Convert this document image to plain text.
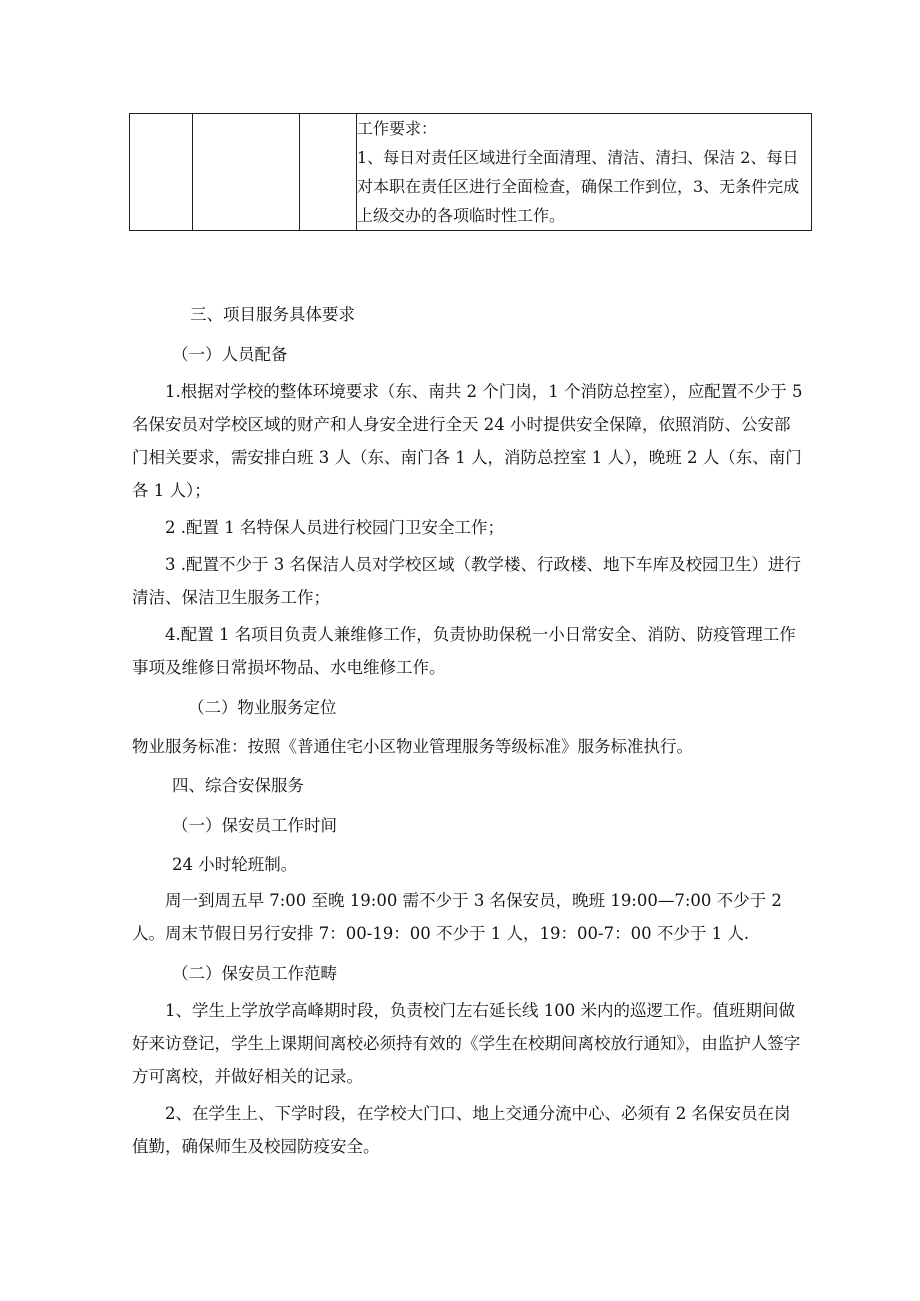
工作要求：

1、每日对责任区域进行全面清理、清洁、清扫、保洁 2、每日对本职在责任区进行全面检查，确保工作到位，3、无条件完成上级交办的各项临时性工作。

三、项目服务具体要求

（一）人员配备

1.根据对学校的整体环境要求（东、南共 2 个门岗，1 个消防总控室），应配置不少于 5 名保安员对学校区域的财产和人身安全进行全天 24 小时提供安全保障，依照消防、公安部门相关要求，需安排白班 3 人（东、南门各 1 人，消防总控室 1 人），晚班 2 人（东、南门各 1 人）；

2 .配置 1 名特保人员进行校园门卫安全工作；

3 .配置不少于 3 名保洁人员对学校区域（教学楼、行政楼、地下车库及校园卫生）进行清洁、保洁卫生服务工作；

4.配置 1 名项目负责人兼维修工作，负责协助保税一小日常安全、消防、防疫管理工作事项及维修日常损坏物品、水电维修工作。

（二）物业服务定位

物业服务标准：按照《普通住宅小区物业管理服务等级标准》服务标准执行。

四、综合安保服务

（一）保安员工作时间

24 小时轮班制。

周一到周五早 7:00 至晚 19:00 需不少于 3 名保安员，晚班 19:00—7:00 不少于 2 人。周末节假日另行安排 7：00-19：00 不少于 1 人，19：00-7：00 不少于 1 人.

（二）保安员工作范畴

1、学生上学放学高峰期时段，负责校门左右延长线 100 米内的巡逻工作。值班期间做好来访登记，学生上课期间离校必须持有效的《学生在校期间离校放行通知》，由监护人签字方可离校，并做好相关的记录。

2、在学生上、下学时段，在学校大门口、地上交通分流中心、必须有 2 名保安员在岗值勤，确保师生及校园防疫安全。
